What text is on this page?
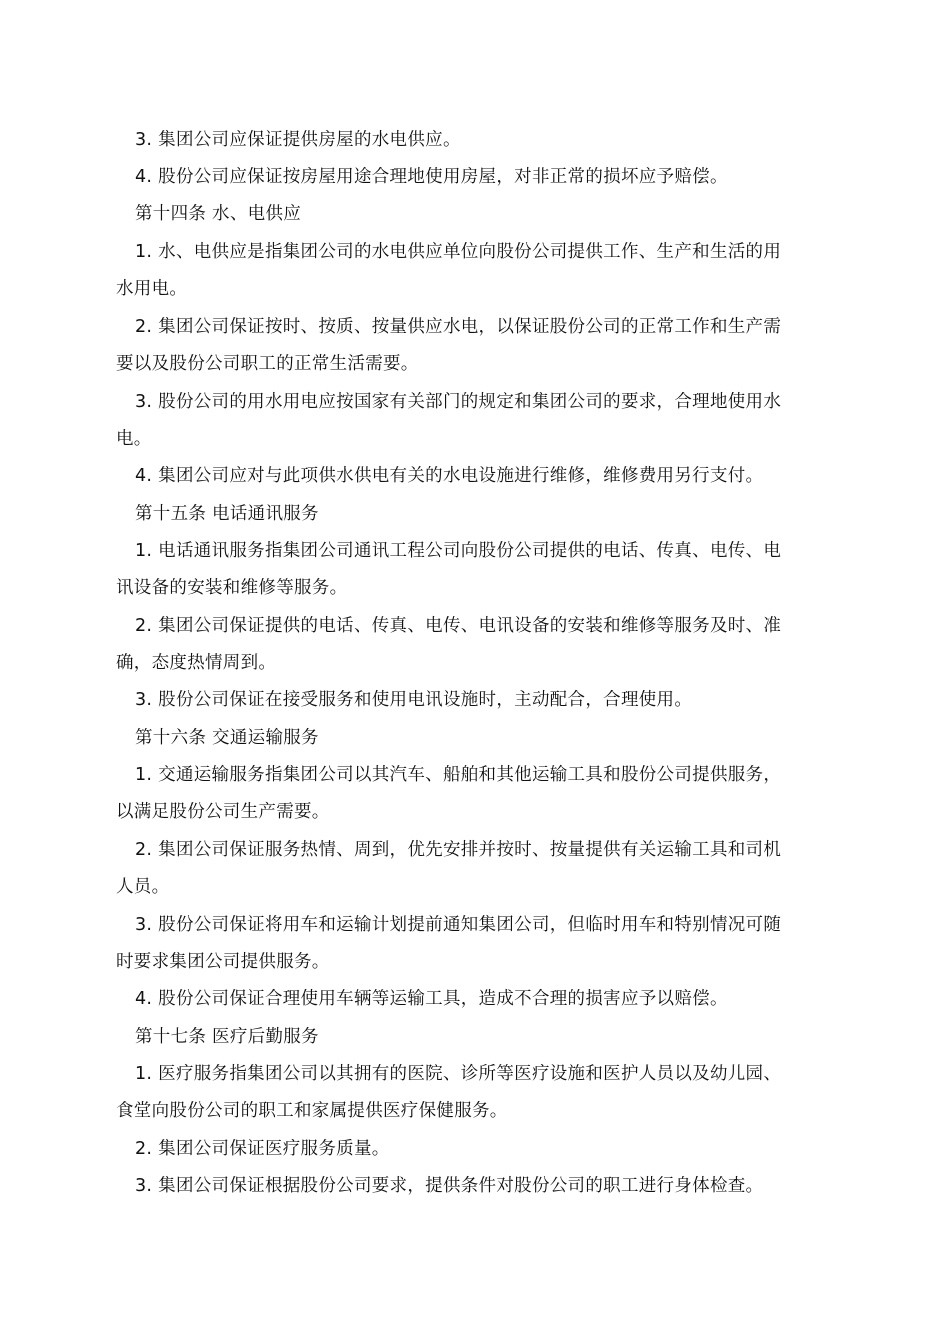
3. 集团公司应保证提供房屋的水电供应。
4. 股份公司应保证按房屋用途合理地使用房屋，对非正常的损坏应予赔偿。
第十四条 水、电供应
1. 水、电供应是指集团公司的水电供应单位向股份公司提供工作、生产和生活的用
水用电。
2. 集团公司保证按时、按质、按量供应水电，以保证股份公司的正常工作和生产需
要以及股份公司职工的正常生活需要。
3. 股份公司的用水用电应按国家有关部门的规定和集团公司的要求，合理地使用水
电。
4. 集团公司应对与此项供水供电有关的水电设施进行维修，维修费用另行支付。
第十五条 电话通讯服务
1. 电话通讯服务指集团公司通讯工程公司向股份公司提供的电话、传真、电传、电
讯设备的安装和维修等服务。
2. 集团公司保证提供的电话、传真、电传、电讯设备的安装和维修等服务及时、准
确，态度热情周到。
3. 股份公司保证在接受服务和使用电讯设施时，主动配合，合理使用。
第十六条 交通运输服务
1. 交通运输服务指集团公司以其汽车、船舶和其他运输工具和股份公司提供服务，
以满足股份公司生产需要。
2. 集团公司保证服务热情、周到，优先安排并按时、按量提供有关运输工具和司机
人员。
3. 股份公司保证将用车和运输计划提前通知集团公司，但临时用车和特别情况可随
时要求集团公司提供服务。
4. 股份公司保证合理使用车辆等运输工具，造成不合理的损害应予以赔偿。
第十七条 医疗后勤服务
1. 医疗服务指集团公司以其拥有的医院、诊所等医疗设施和医护人员以及幼儿园、
食堂向股份公司的职工和家属提供医疗保健服务。
2. 集团公司保证医疗服务质量。
3. 集团公司保证根据股份公司要求，提供条件对股份公司的职工进行身体检查。
